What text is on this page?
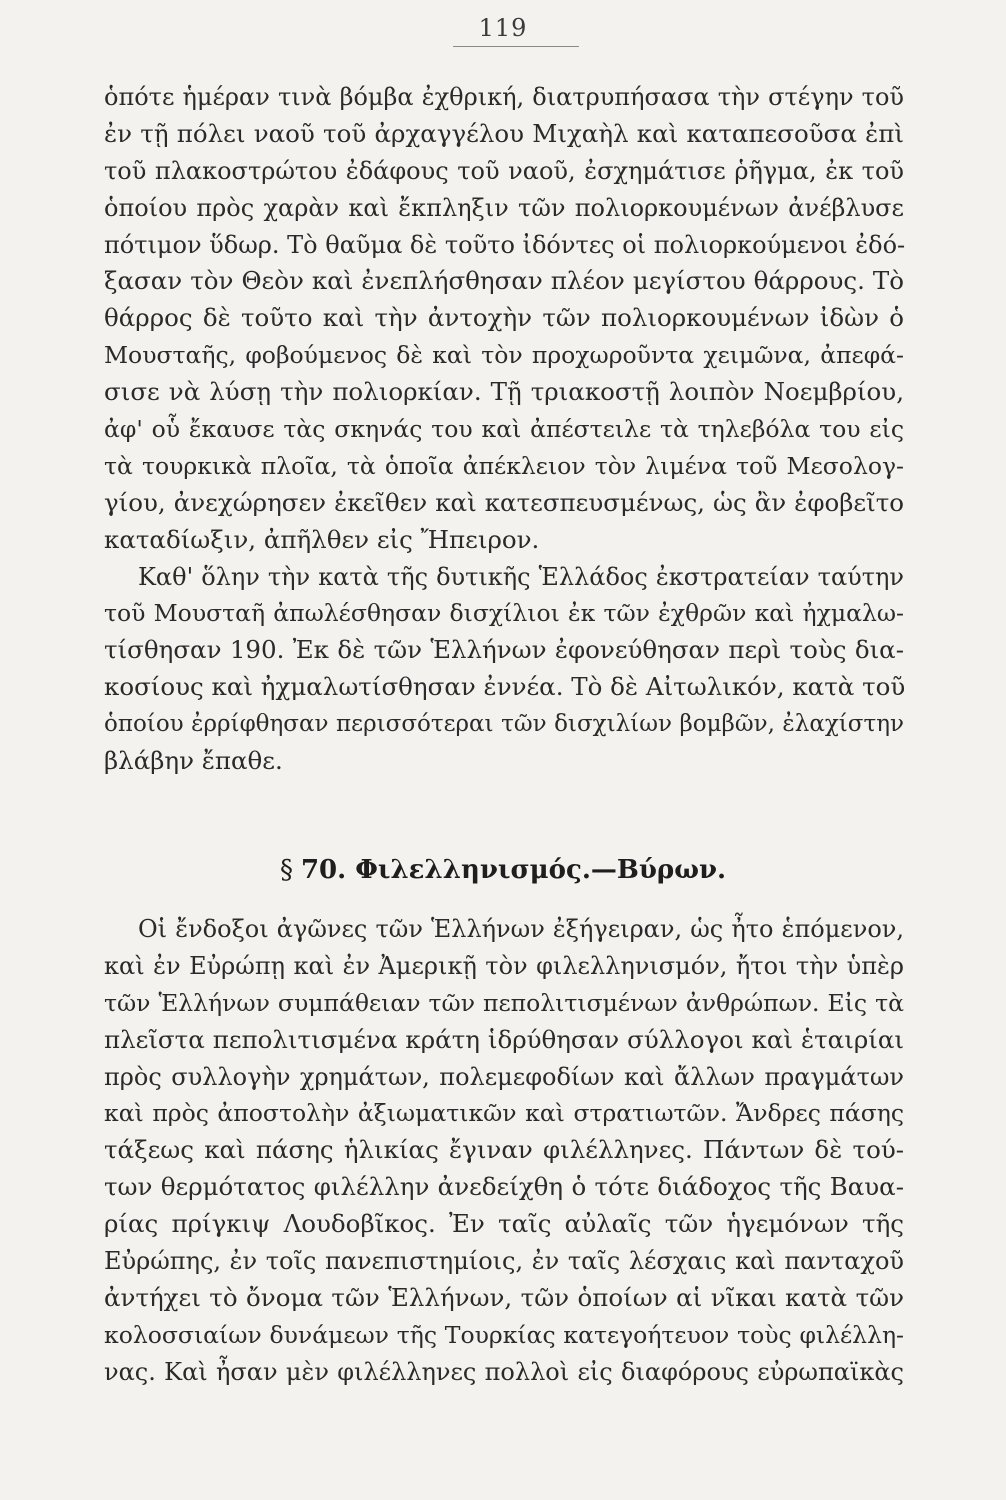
119
ὁπότε ἡμέραν τινὰ βόμβα ἐχθρική, διατρυπήσασα τὴν στέγην τοῦ
ἐν τῇ πόλει ναοῦ τοῦ ἀρχαγγέλου Μιχαὴλ καὶ καταπεσοῦσα ἐπὶ
τοῦ πλακοστρώτου ἐδάφους τοῦ ναοῦ, ἐσχημάτισε ῥῆγμα, ἐκ τοῦ
ὁποίου πρὸς χαρὰν καὶ ἔκπληξιν τῶν πολιορκουμένων ἀνέβλυσε
πότιμον ὕδωρ. Τὸ θαῦμα δὲ τοῦτο ἰδόντες οἱ πολιορκούμενοι ἐδό-
ξασαν τὸν Θεὸν καὶ ἐνεπλήσθησαν πλέον μεγίστου θάρρους. Τὸ
θάρρος δὲ τοῦτο καὶ τὴν ἀντοχὴν τῶν πολιορκουμένων ἰδὼν ὁ
Μουσταῆς, φοβούμενος δὲ καὶ τὸν προχωροῦντα χειμῶνα, ἀπεφά-
σισε νὰ λύσῃ τὴν πολιορκίαν. Τῇ τριακοστῇ λοιπὸν Νοεμβρίου,
ἀφ' οὗ ἔκαυσε τὰς σκηνάς του καὶ ἀπέστειλε τὰ τηλεβόλα του εἰς
τὰ τουρκικὰ πλοῖα, τὰ ὁποῖα ἀπέκλειον τὸν λιμένα τοῦ Μεσολογ-
γίου, ἀνεχώρησεν ἐκεῖθεν καὶ κατεσπευσμένως, ὡς ἂν ἐφοβεῖτο
καταδίωξιν, ἀπῆλθεν εἰς Ἤπειρον.
Καθ' ὅλην τὴν κατὰ τῆς δυτικῆς Ἑλλάδος ἐκστρατείαν ταύτην
τοῦ Μουσταῆ ἀπωλέσθησαν δισχίλιοι ἐκ τῶν ἐχθρῶν καὶ ἠχμαλω-
τίσθησαν 190. Ἐκ δὲ τῶν Ἑλλήνων ἐφονεύθησαν περὶ τοὺς δια-
κοσίους καὶ ἠχμαλωτίσθησαν ἐννέα. Τὸ δὲ Αἰτωλικόν, κατὰ τοῦ
ὁποίου ἐρρίφθησαν περισσότεραι τῶν δισχιλίων βομβῶν, ἐλαχίστην
βλάβην ἔπαθε.
§ 70. Φιλελληνισμός.—Βύρων.
Οἱ ἔνδοξοι ἀγῶνες τῶν Ἑλλήνων ἐξήγειραν, ὡς ἦτο ἑπόμενον,
καὶ ἐν Εὐρώπῃ καὶ ἐν Ἀμερικῇ τὸν φιλελληνισμόν, ἤτοι τὴν ὑπὲρ
τῶν Ἑλλήνων συμπάθειαν τῶν πεπολιτισμένων ἀνθρώπων. Εἰς τὰ
πλεῖστα πεπολιτισμένα κράτη ἱδρύθησαν σύλλογοι καὶ ἑταιρίαι
πρὸς συλλογὴν χρημάτων, πολεμεφοδίων καὶ ἄλλων πραγμάτων
καὶ πρὸς ἀποστολὴν ἀξιωματικῶν καὶ στρατιωτῶν. Ἄνδρες πάσης
τάξεως καὶ πάσης ἡλικίας ἔγιναν φιλέλληνες. Πάντων δὲ τού-
των θερμότατος φιλέλλην ἀνεδείχθη ὁ τότε διάδοχος τῆς Βαυα-
ρίας πρίγκιψ Λουδοβῖκος. Ἐν ταῖς αὐλαῖς τῶν ἡγεμόνων τῆς
Εὐρώπης, ἐν τοῖς πανεπιστημίοις, ἐν ταῖς λέσχαις καὶ πανταχοῦ
ἀντήχει τὸ ὄνομα τῶν Ἑλλήνων, τῶν ὁποίων αἱ νῖκαι κατὰ τῶν
κολοσσιαίων δυνάμεων τῆς Τουρκίας κατεγοήτευον τοὺς φιλέλλη-
νας. Καὶ ἦσαν μὲν φιλέλληνες πολλοὶ εἰς διαφόρους εὐρωπαϊκὰς
